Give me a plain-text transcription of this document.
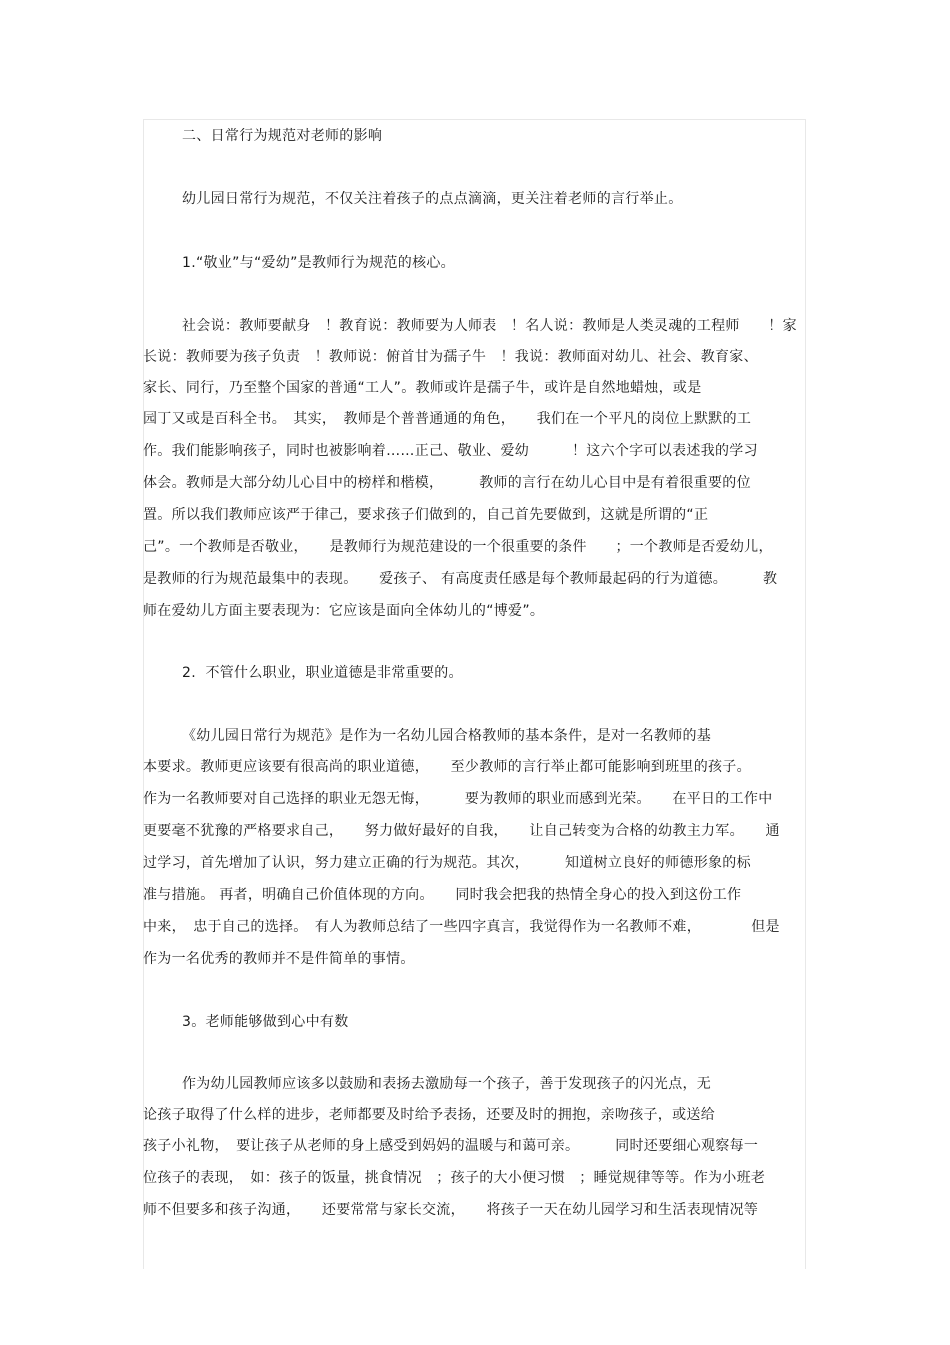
二、日常行为规范对老师的影响
幼儿园日常行为规范，不仅关注着孩子的点点滴滴，更关注着老师的言行举止。
1.“敬业”与“爱幼”是教师行为规范的核心。
社会说：教师要献身　！教育说：教师要为人师表　！名人说：教师是人类灵魂的工程师　　！家
长说：教师要为孩子负责　！教师说：俯首甘为孺子牛　！我说：教师面对幼儿、社会、教育家、
家长、同行，乃至整个国家的普通“工人”。教师或许是孺子牛，或许是自然地蜡烛，或是
园丁又或是百科全书。　其实，　教师是个普普通通的角色，　　我们在一个平凡的岗位上默默的工
作。我们能影响孩子，同时也被影响着……正己、敬业、爱幼　　　！这六个字可以表述我的学习
体会。教师是大部分幼儿心目中的榜样和楷模，　　　教师的言行在幼儿心目中是有着很重要的位
置。所以我们教师应该严于律己，要求孩子们做到的，自己首先要做到，这就是所谓的“正
己”。一个教师是否敬业，　　是教师行为规范建设的一个很重要的条件　　；一个教师是否爱幼儿，
是教师的行为规范最集中的表现。　　爱孩子、 有高度责任感是每个教师最起码的行为道德。　　　教
师在爱幼儿方面主要表现为：它应该是面向全体幼儿的“博爱”。
2.  不管什么职业，职业道德是非常重要的。
《幼儿园日常行为规范》是作为一名幼儿园合格教师的基本条件，是对一名教师的基
本要求。教师更应该要有很高尚的职业道德，　　至少教师的言行举止都可能影响到班里的孩子。
作为一名教师要对自己选择的职业无怨无悔，　　　要为教师的职业而感到光荣。　　在平日的工作中
更要毫不犹豫的严格要求自己，　　努力做好最好的自我，　　让自己转变为合格的幼教主力军。　　通
过学习，首先增加了认识，努力建立正确的行为规范。其次，　　　知道树立良好的师德形象的标
准与措施。 再者，明确自己价值体现的方向。　　同时我会把我的热情全身心的投入到这份工作
中来，　忠于自己的选择。　有人为教师总结了一些四字真言，我觉得作为一名教师不难，　　　　但是
作为一名优秀的教师并不是件简单的事情。
3。老师能够做到心中有数
作为幼儿园教师应该多以鼓励和表扬去激励每一个孩子，善于发现孩子的闪光点，无
论孩子取得了什么样的进步，老师都要及时给予表扬，还要及时的拥抱，亲吻孩子，或送给
孩子小礼物，　要让孩子从老师的身上感受到妈妈的温暖与和蔼可亲。　　　同时还要细心观察每一
位孩子的表现，　如：孩子的饭量，挑食情况　；孩子的大小便习惯　；睡觉规律等等。作为小班老
师不但要多和孩子沟通，　　还要常常与家长交流，　　将孩子一天在幼儿园学习和生活表现情况等
